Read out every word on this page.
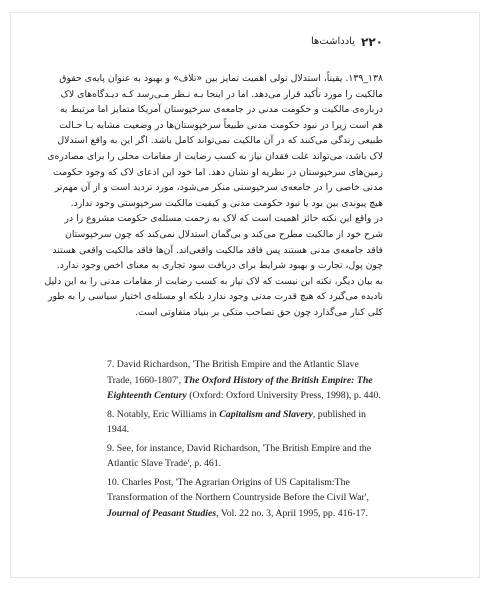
یادداشت‌ها ۲۲۰
۱۳۸_۱۳۹. یقیناً، استدلال تولی اهمیت تمایز بین «تلاف» و بهبود به عنوان پایه‌ی حقوق
مالکیت را مورد تأکید قرار می‌دهد. اما در اینجا بـه نـظر مـی‌رسد کـه دیـدگاه‌های لاک
درباره‌ی مالکیت و حکومت مدنی در جامعه‌ی سرخپوستان آمریکا متمایز اما مرتبط به
هم است زیرا در نبود حکومت مدنی طبیعاً سرخپوستان‌ها در وضعیت مشابه بـا حـالت
طبیعی زندگی می‌کنند که در آن مالکیت نمی‌تواند کامل باشد. اگر این به واقع استدلال
لاک باشد، می‌تواند علت فقدان نیاز به کسب رضایت از مقامات محلی را برای مصادره‌ی
زمین‌های سرخپوستان در نظریه او نشان دهد. اما خود این ادعای لاک که وجود حکومت
مدنی خاصی را در جامعه‌ی سرخپوستی منکر می‌شود، مورد تردید است و از آن مهم‌تر
هیچ پیوندی بین بود یا نبود حکومت مدنی و کیفیت مالکیت سرخپوستی وجود ندارد.
در واقع این نکته حائز اهمیت است که لاک به زحمت مسئله‌ی حکومت مشروع را در
شرح خود از مالکیت مطرح می‌کند و بی‌گمان استدلال نمی‌کند که چون سرخپوستان
فاقد جامعه‌ی مدنی هستند پس فاقد مالکیت واقعی‌اند. آن‌ها فاقد مالکیت واقعی هستند
چون پول، تجارت و بهبود شرایط برای دریافت سود تجاری به معنای اخص وجود ندارد.
به بیان دیگر، نکته این نیست که لاک نیاز به کسب رضایت از مقامات مدنی را به این دلیل
نادیده می‌گیرد که هیچ قدرت مدنی وجود ندارد بلکه او مسئله‌ی اختیار سیاسی را به طور
کلی کنار می‌گذارد چون حق تصاحب متکی بر بنیاد متفاوتی است.
7. David Richardson, 'The British Empire and the Atlantic Slave Trade, 1660-1807', The Oxford History of the British Empire: The Eighteenth Century (Oxford: Oxford University Press, 1998), p. 440.
8. Notably, Eric Williams in Capitalism and Slavery, published in 1944.
9. See, for instance, David Richardson, 'The British Empire and the Atlantic Slave Trade', p. 461.
10. Charles Post, 'The Agrarian Origins of US Capitalism:The Transformation of the Northern Countryside Before the Civil War', Journal of Peasant Studies, Vol. 22 no. 3, April 1995, pp. 416-17.
